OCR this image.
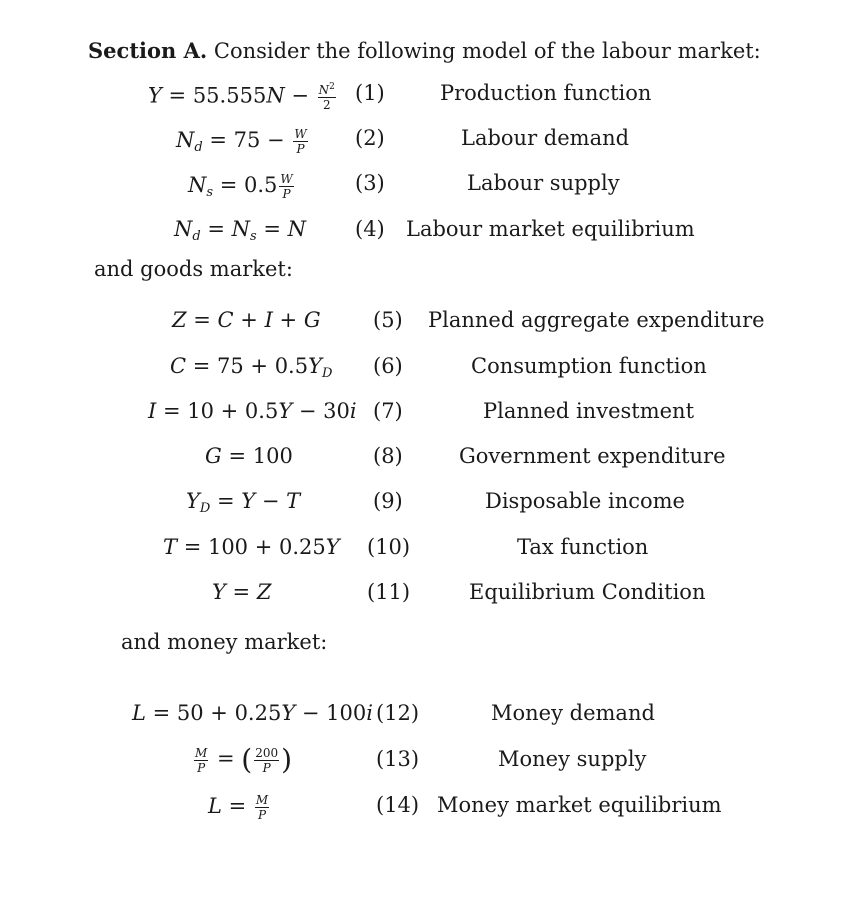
Section A. Consider the following model of the labour market:
$Y = 55.555N - \frac{N^2}{2} (1)$	Production function
$N_d = 75 - \frac{W}{P} (2)$	Labour demand
$N_s = 0.5 \frac{W}{P}$	(3)	Labour supply
$N_d = N_s = N$ (4) Labour market equilibrium
and goods market:
Z = C + I + G (5) Planned aggregate expenditure
$C = 75 + 0.5Y_D$ (6)	Consumption function
I = 10 + 0.5Y − 30i (7)	Planned investment
G = 100	(8)	Government expenditure
$Y_D = Y - T$	(9)	Disposable income
T = 100 + 0.25Y (10)	Tax function
Y = Z	(11)	Equilibrium Condition
and money market:
L = 50 + 0.25Y − 100i (12)	Money demand
$\frac{M}{P}$ = ( $\frac{200}{P}$ )	(13)	Money supply
$L = \frac{M}{P}$	(14) Money market equilibrium
